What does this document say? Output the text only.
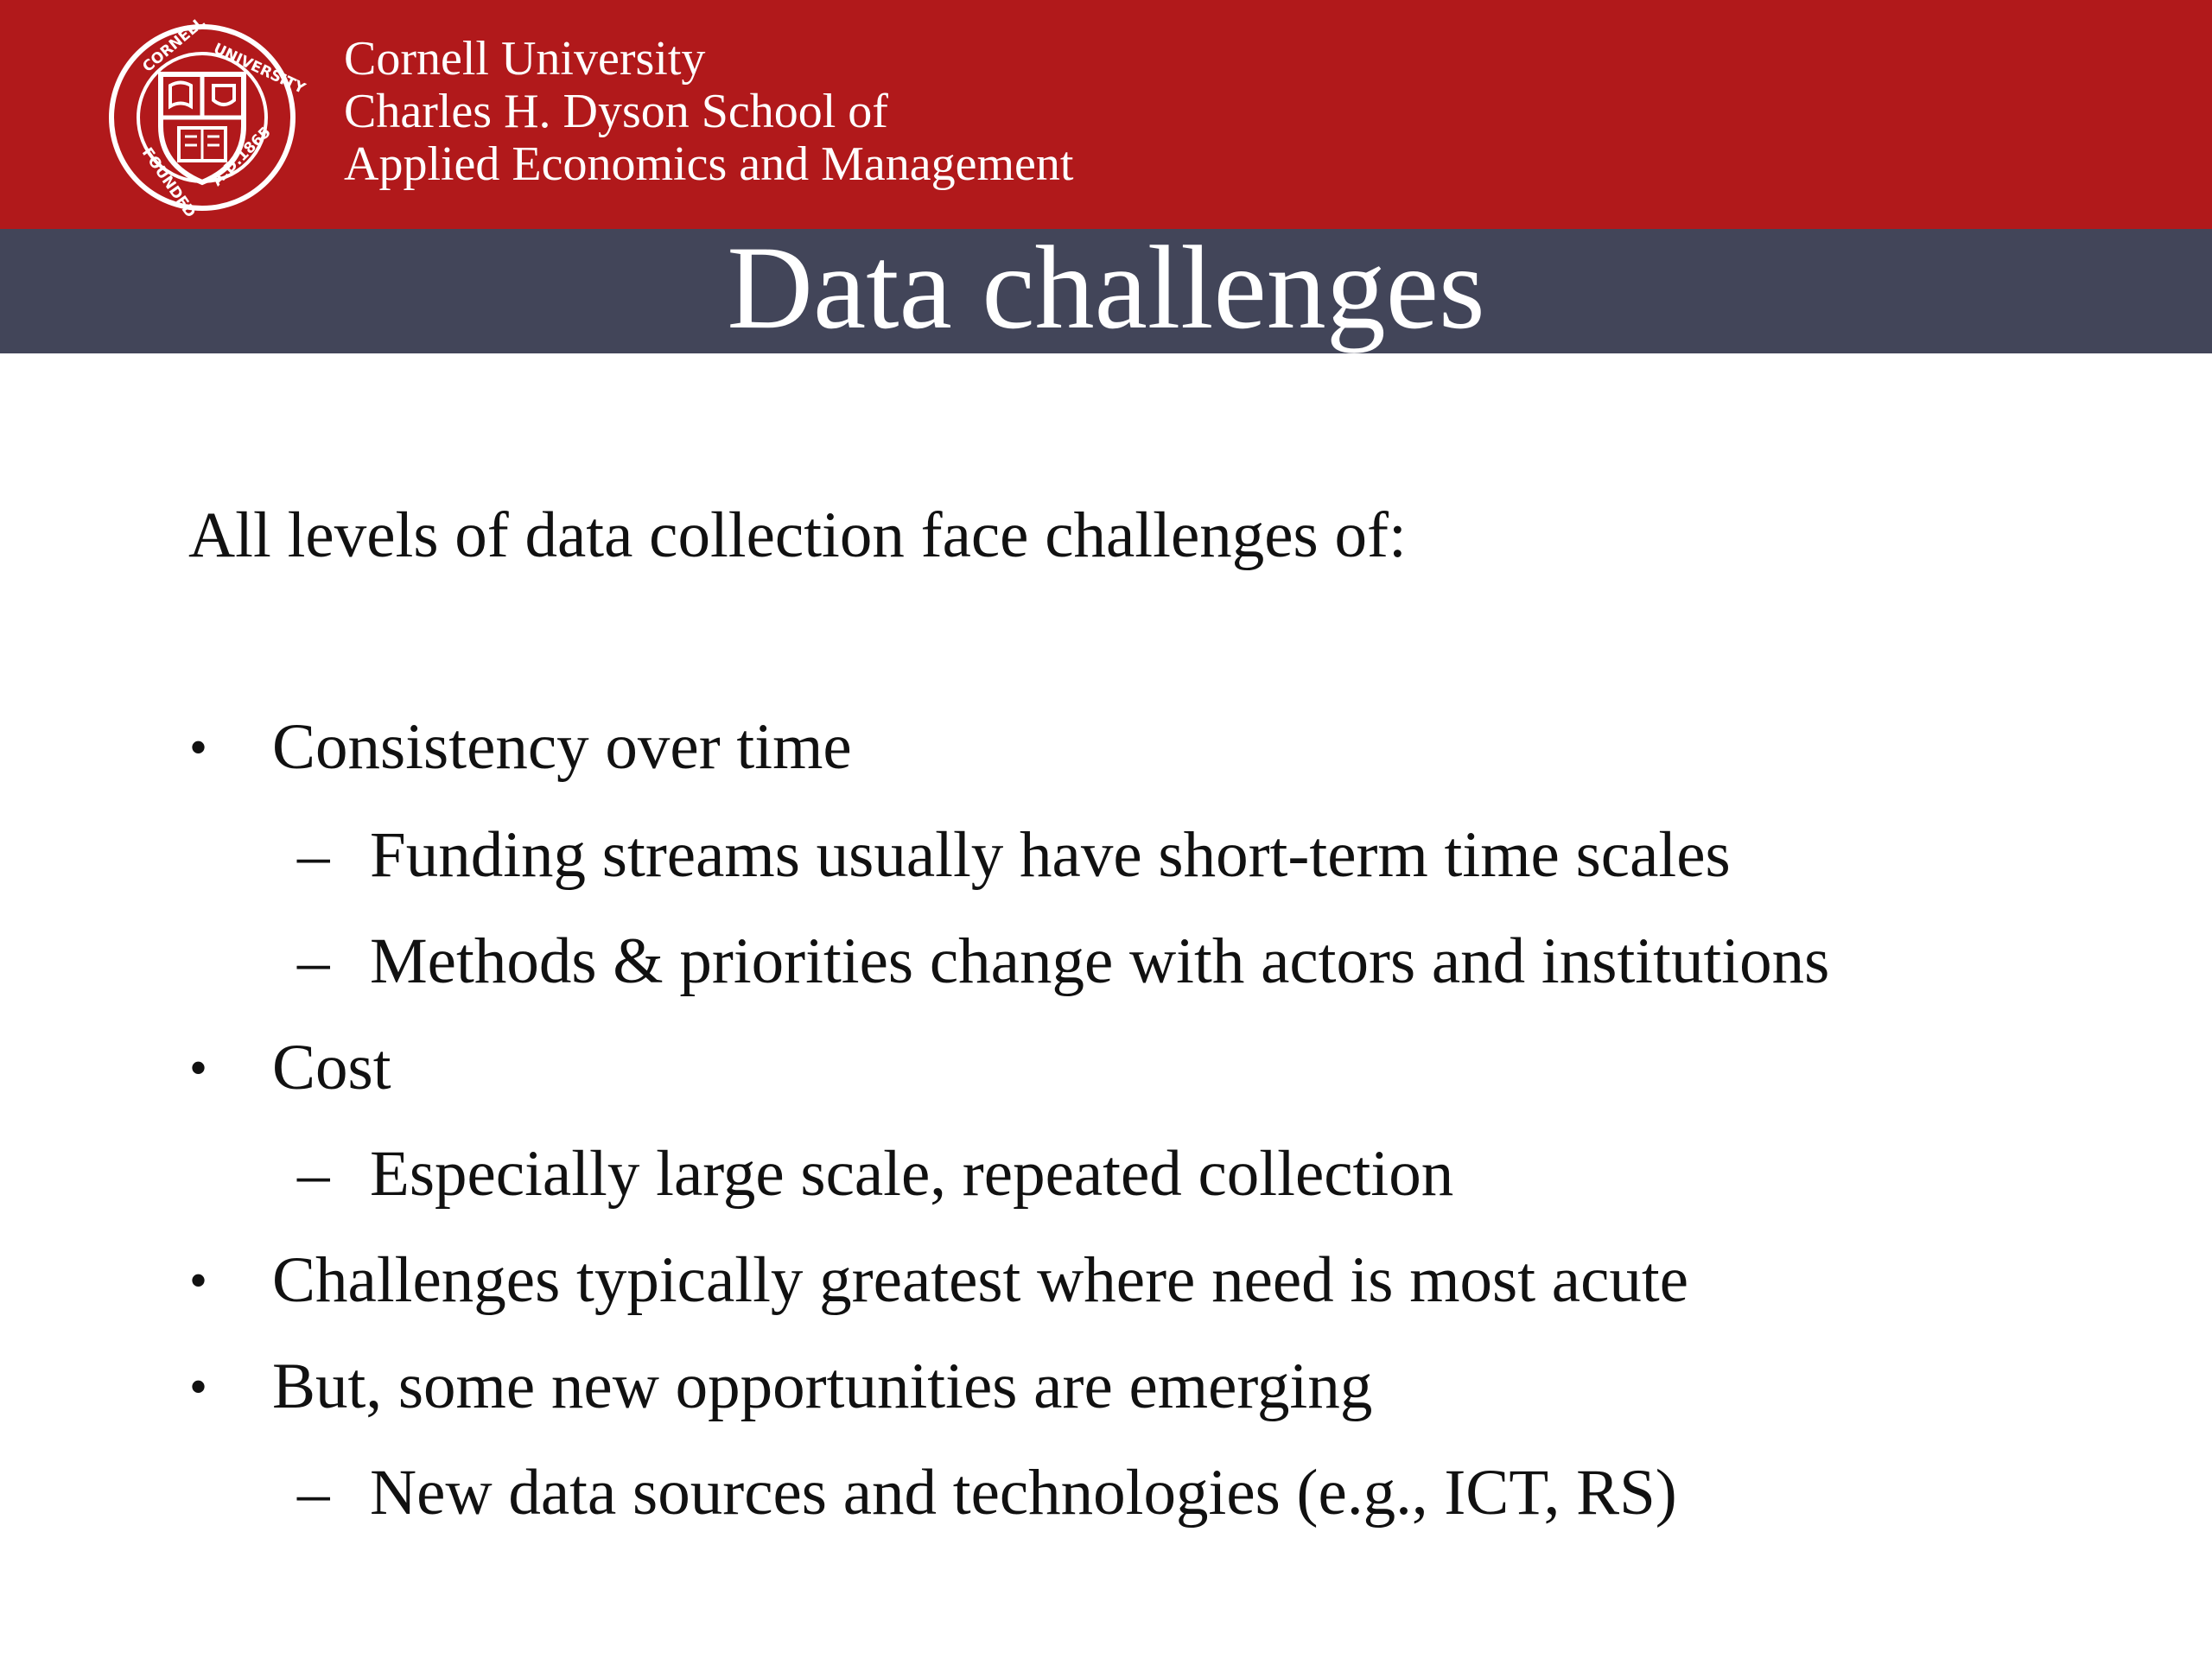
CORNELL UNIVERSITY
FOUNDED A.D.1865
Cornell University
Charles H. Dyson School of
Applied Economics and Management
Data challenges
All levels of data collection face challenges of:
• Consistency over time
– Funding streams usually have short-term time scales
– Methods & priorities change with actors and institutions
• Cost
– Especially large scale, repeated collection
• Challenges typically greatest where need is most acute
• But, some new opportunities are emerging
– New data sources and technologies (e.g., ICT, RS)
